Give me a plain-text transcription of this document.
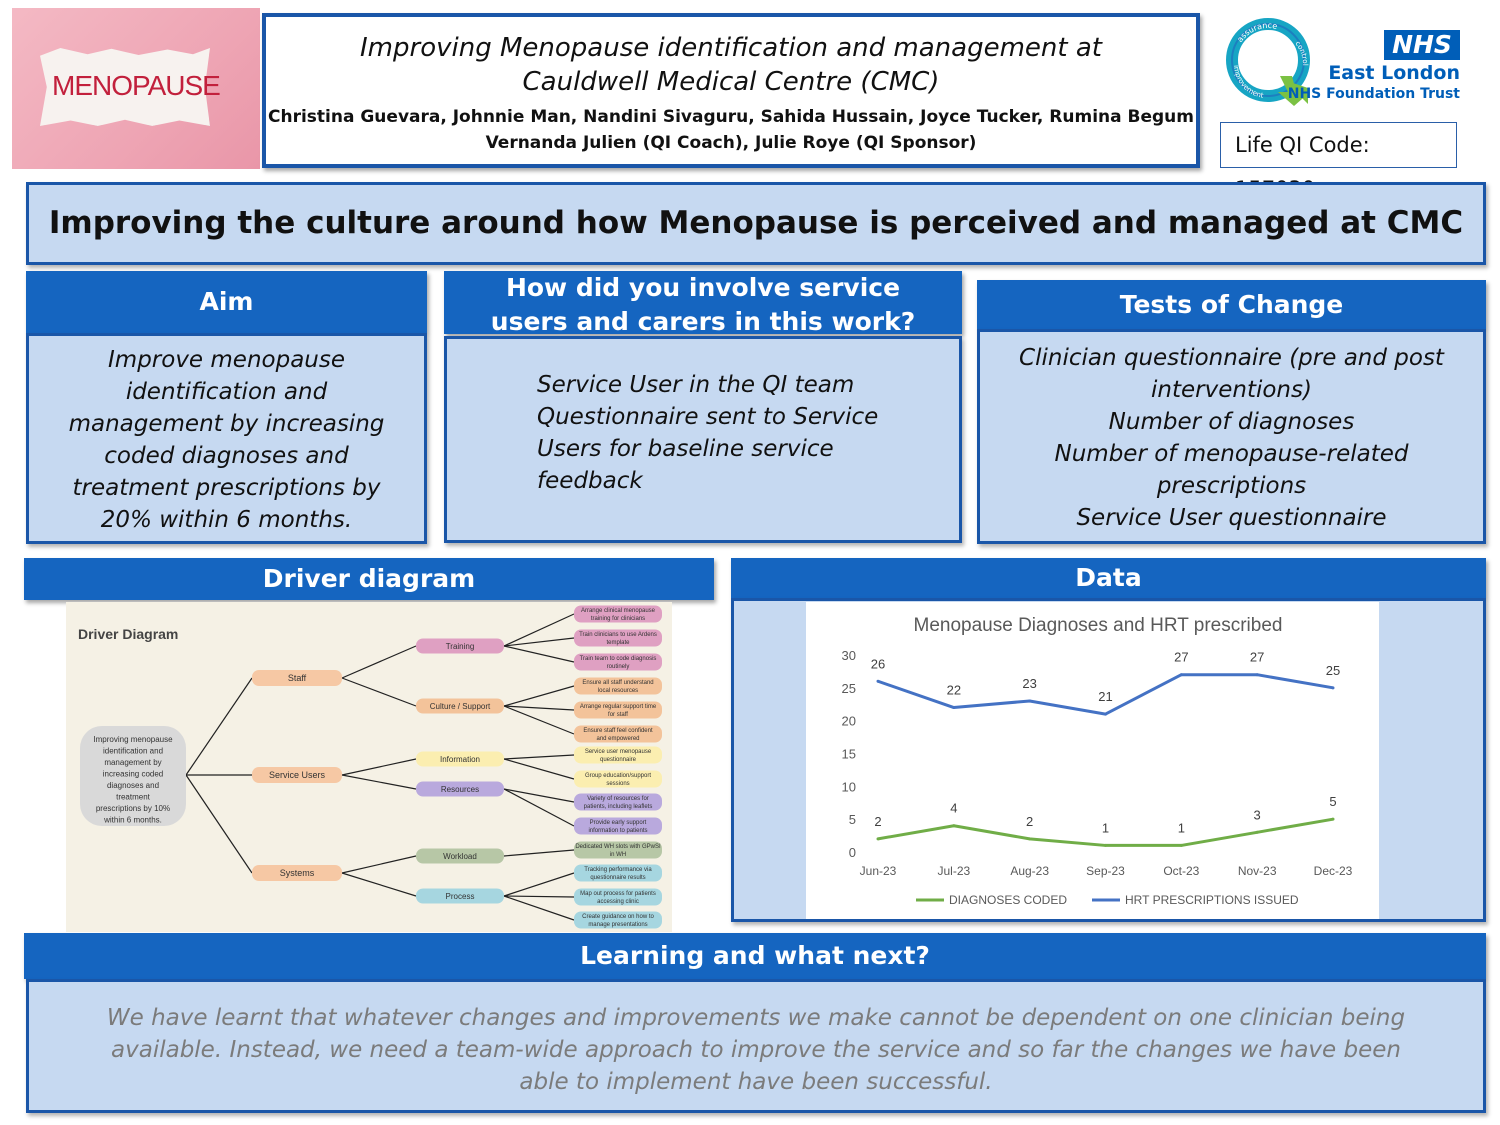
MENOPAUSE
Improving Menopause identification and management at
Cauldwell Medical Centre (CMC)
Christina Guevara, Johnnie Man, Nandini Sivaguru, Sahida Hussain, Joyce Tucker, Rumina Begum
Vernanda Julien (QI Coach), Julie Roye (QI Sponsor)
assurance
improvement
control
NHS
East London
NHS Foundation Trust
Life QI Code:
Improving the culture around how Menopause is perceived and managed at CMC
Aim
Improve menopause identification and management by increasing coded diagnoses and treatment prescriptions by 20% within 6 months.
How did you involve service users and carers in this work?
Service User in the QI team
Questionnaire sent to Service Users for baseline service feedback
Tests of Change
Clinician questionnaire (pre and post interventions)
Number of diagnoses
Number of menopause-related prescriptions
Service User questionnaire
Driver diagram
Driver Diagram
Improving menopause identification and management by increasing coded diagnoses and treatment prescriptions by 10% within 6 months.
Staff
Service Users
Systems
Training
Arrange clinical menopause training for clinicians
Train clinicians to use Ardens template
Train team to code diagnosis routinely
Culture / Support
Ensure all staff understand local resources
Arrange regular support time for staff
Ensure staff feel confident and empowered
Information
Service user menopause questionnaire
Group education/support sessions
Resources
Variety of resources for patients, including leaflets
Provide early support information to patients
Workload
Dedicated WH slots with GPwSI in WH
Process
Tracking performance via questionnaire results
Map out process for patients accessing clinic
Create guidance on how to manage presentations
Data
Menopause Diagnoses and HRT prescribed
0
5
10
15
20
25
30
Jun-23	Jul-23	Aug-23	Sep-23	Oct-23	Nov-23	Dec-23
2
4
2	1	1
3
5
26
22	23
21
27	27
25
DIAGNOSES CODED	HRT PRESCRIPTIONS ISSUED
Learning and what next?
We have learnt that whatever changes and improvements we make cannot be dependent on one clinician being available. Instead, we need a team-wide approach to improve the service and so far the changes we have been able to implement have been successful.
